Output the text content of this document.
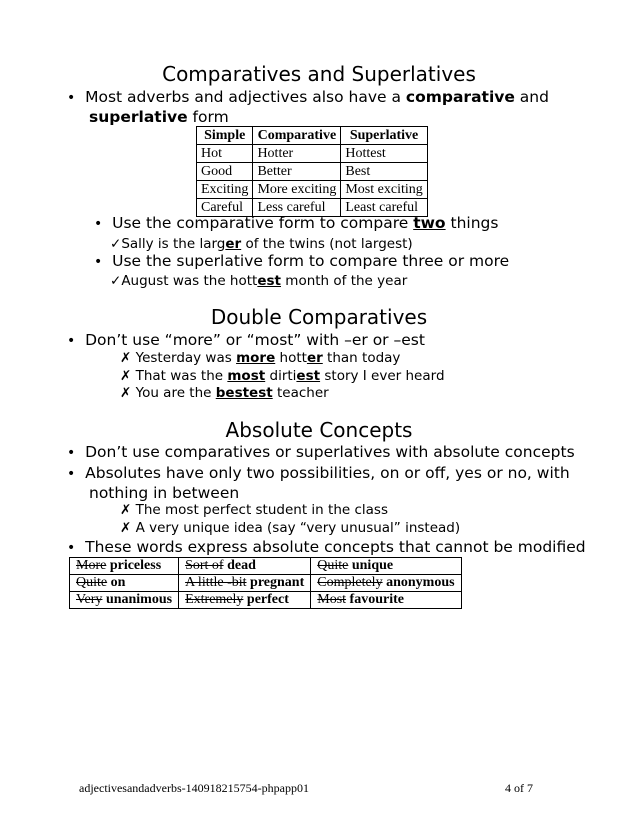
Comparatives and Superlatives
• Most adverbs and adjectives also have a comparative and
superlative form
Simple	Comparative	Superlative
Hot	Hotter	Hottest
Good	Better	Best
Exciting	More exciting	Most exciting
Careful	Less careful	Least careful
• Use the comparative form to compare two things
✓Sally is the larger of the twins (not largest)
• Use the superlative form to compare three or more
✓August was the hottest month of the year
Double Comparatives
• Don’t use “more” or “most” with –er or –est
✗ Yesterday was more hotter than today
✗ That was the most dirtiest story I ever heard
✗ You are the bestest teacher
Absolute Concepts
• Don’t use comparatives or superlatives with absolute concepts
• Absolutes have only two possibilities, on or off, yes or no, with
nothing in between
✗ The most perfect student in the class
✗ A very unique idea (say “very unusual” instead)
• These words express absolute concepts that cannot be modified
More priceless	Sort of dead	Quite unique
Quite on	A little -bit pregnant	Completely anonymous
Very unanimous	Extremely perfect	Most favourite
adjectivesandadverbs-140918215754-phpapp01	4 of 7
